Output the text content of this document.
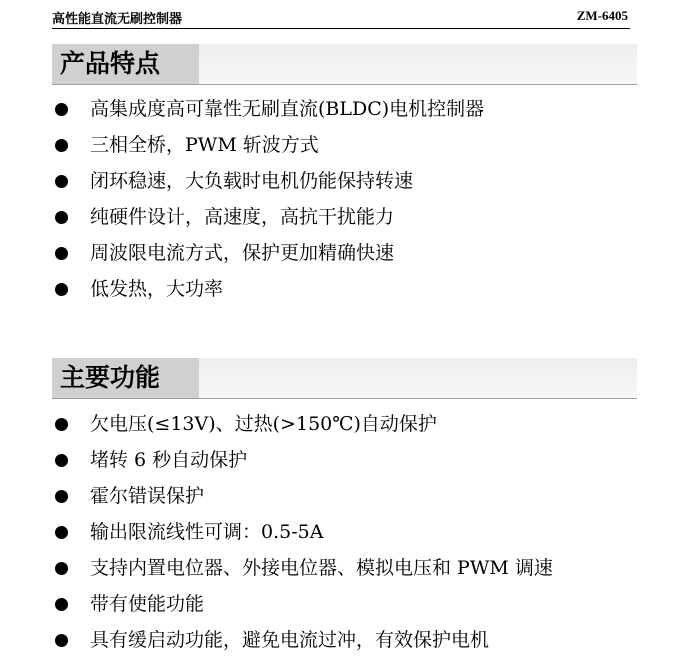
高性能直流无刷控制器	ZM-6405
产品特点
高集成度高可靠性无刷直流(BLDC)电机控制器
三相全桥，PWM 斩波方式
闭环稳速，大负载时电机仍能保持转速
纯硬件设计，高速度，高抗干扰能力
周波限电流方式，保护更加精确快速
低发热，大功率
主要功能
欠电压(≤13V)、过热(>150℃)自动保护
堵转 6 秒自动保护
霍尔错误保护
输出限流线性可调：0.5-5A
支持内置电位器、外接电位器、模拟电压和 PWM 调速
带有使能功能
具有缓启动功能，避免电流过冲，有效保护电机
